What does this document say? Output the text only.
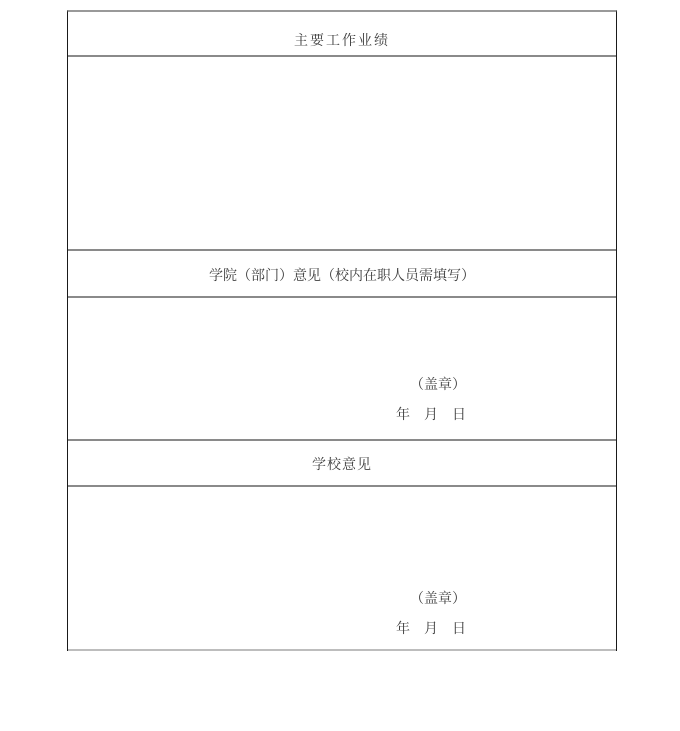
主要工作业绩
学院（部门）意见（校内在职人员需填写）
（盖章）
年　月　日
学校意见
（盖章）
年　月　日
